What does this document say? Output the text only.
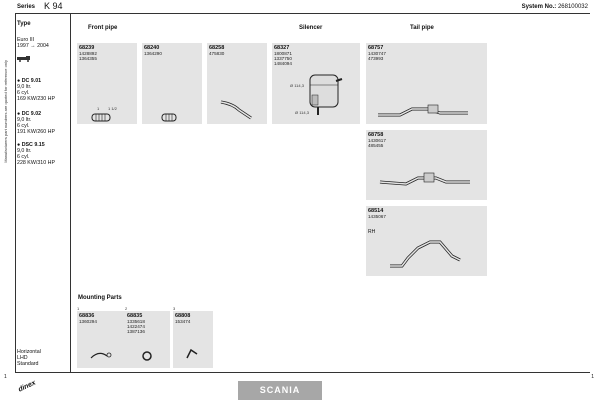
Series K 94	System No.: 268100032
Manufacturers part numbers are quoted for reference only
Type
Euro III
1997 → 2004
● DC 9.01
9,0 ltr.
6 cyl.
169 KW/230 HP
● DC 9.02
9,0 ltr.
6 cyl.
191 KW/260 HP
● DSC 9.15
9,0 ltr.
6 cyl.
228 KW/310 HP
Horizontal
LHD
Standard
Front pipe	Silencer	Tail pipe
68239
1428892
1364355
1 1 1/2
68240
1364290
68258
475830
68327
1800871
1337750
1484094
Ø 114,3
Ø 114,3
68757
1430747
473993
68758
1430617
485455
68514
1435067
RH
Mounting Parts
1
68836
1360294
2
68835
1335618
1422474
1387136
3
68808
153474
1	1
dinex	SCANIA
